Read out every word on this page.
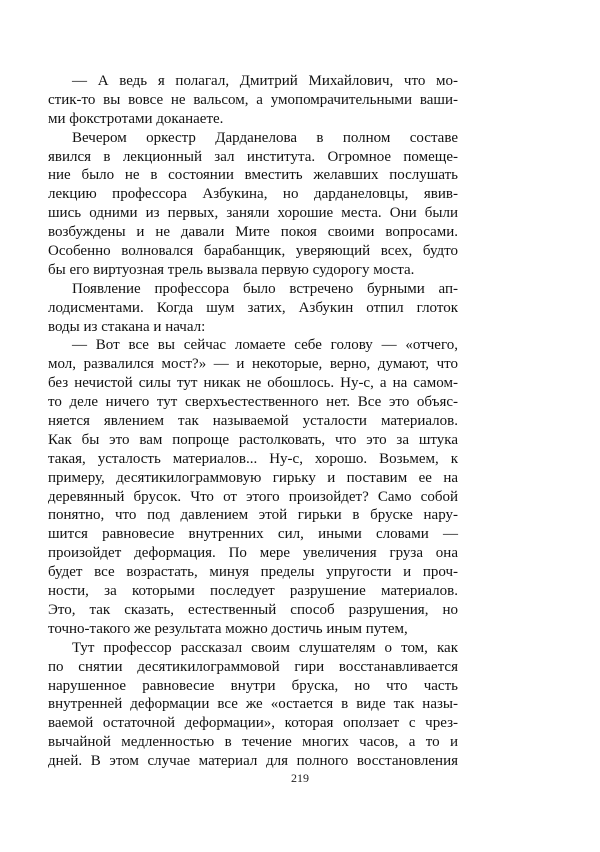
— А ведь я полагал, Дмитрий Михайлович, что мо-
стик-то вы вовсе не вальсом, а умопомрачительными ваши-
ми фокстротами доканаете.
Вечером оркестр Дарданелова в полном составе
явился в лекционный зал института. Огромное помеще-
ние было не в состоянии вместить желавших послушать
лекцию профессора Азбукина, но дарданеловцы, явив-
шись одними из первых, заняли хорошие места. Они были
возбуждены и не давали Мите покоя своими вопросами.
Особенно волновался барабанщик, уверяющий всех, будто
бы его виртуозная трель вызвала первую судорогу моста.
Появление профессора было встречено бурными ап-
лодисментами. Когда шум затих, Азбукин отпил глоток
воды из стакана и начал:
— Вот все вы сейчас ломаете себе голову — «отчего,
мол, развалился мост?» — и некоторые, верно, думают, что
без нечистой силы тут никак не обошлось. Ну-с, а на самом-
то деле ничего тут сверхъестественного нет. Все это объяс-
няется явлением так называемой усталости материалов.
Как бы это вам попроще растолковать, что это за штука
такая, усталость материалов... Ну-с, хорошо. Возьмем, к
примеру, десятикилограммовую гирьку и поставим ее на
деревянный брусок. Что от этого произойдет? Само собой
понятно, что под давлением этой гирьки в бруске нару-
шится равновесие внутренних сил, иными словами —
произойдет деформация. По мере увеличения груза она
будет все возрастать, минуя пределы упругости и проч-
ности, за которыми последует разрушение материалов.
Это, так сказать, естественный способ разрушения, но
точно-такого же результата можно достичь иным путем,
Тут профессор рассказал своим слушателям о том, как
по снятии десятикилограммовой гири восстанавливается
нарушенное равновесие внутри бруска, но что часть
внутренней деформации все же «остается в виде так назы-
ваемой остаточной деформации», которая оползает с чрез-
вычайной медленностью в течение многих часов, а то и
дней. В этом случае материал для полного восстановления
219
